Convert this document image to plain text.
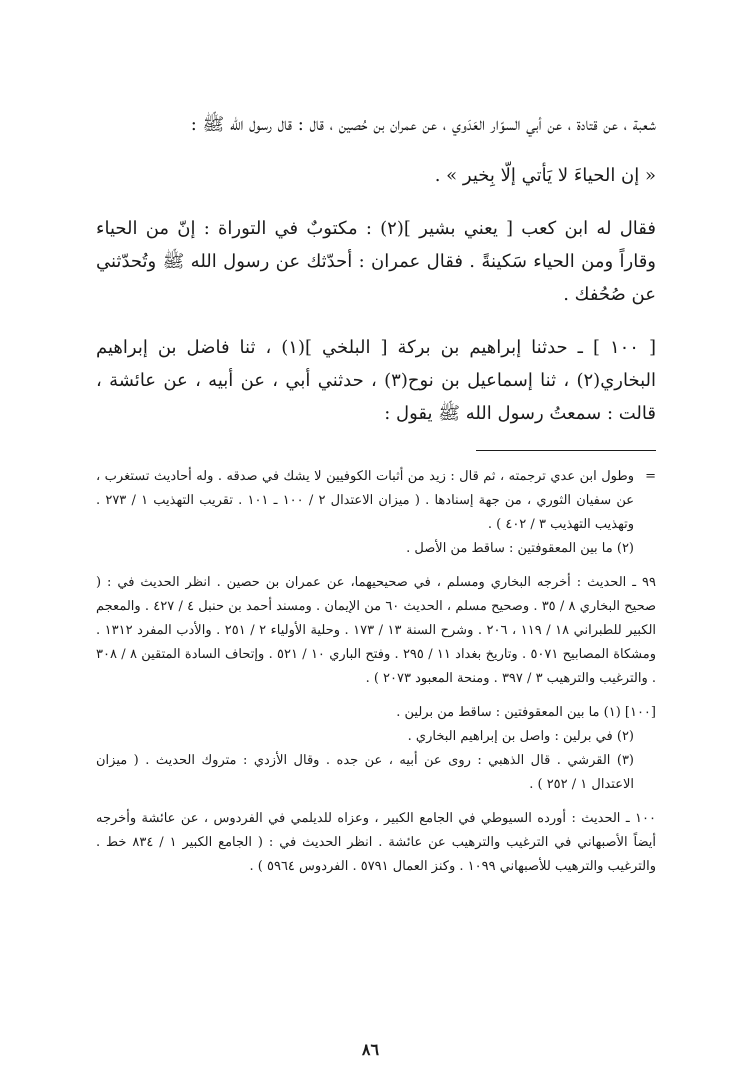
شعبة ، عن قتادة ، عن أبي السوّار العَدَوي ، عن عمران بن حُصين ، قال : قال رسول الله ﷺ :

« إن الحياءَ لا يَأتي إلّا بِخير » .

فقال له ابن كعب [ يعني بشير ](٢) : مكتوبٌ في التوراة : إنّ من الحياء وقاراً ومن الحياء سَكينةً . فقال عمران : أحدّثك عن رسول الله ﷺ وتُحدّثني عن صُحُفك .

[ ١٠٠ ] ـ حدثنا إبراهيم بن بركة [ البلخي ](١) ، ثنا فاضل بن إبراهيم البخاري(٢) ، ثنا إسماعيل بن نوح(٣) ، حدثني أبي ، عن أبيه ، عن عائشة ، قالت : سمعتُ رسول الله ﷺ يقول :

=
وطول ابن عدي ترجمته ، ثم قال : زيد من أثبات الكوفيين لا يشك في صدقه . وله أحاديث تستغرب ، عن سفيان الثوري ، من جهة إسنادها . ( ميزان الاعتدال ٢ / ١٠٠ ـ ١٠١ . تقريب التهذيب ١ / ٢٧٣ . وتهذيب التهذيب ٣ / ٤٠٢ ) .

(٢) ما بين المعقوفتين : ساقط من الأصل .

٩٩ ـ الحديث : أخرجه البخاري ومسلم ، في صحيحيهما، عن عمران بن حصين . انظر الحديث في : ( صحيح البخاري ٨ / ٣٥ . وصحيح مسلم ، الحديث ٦٠ من الإيمان . ومسند أحمد بن حنبل ٤ / ٤٢٧ . والمعجم الكبير للطبراني ١٨ / ١١٩ ، ٢٠٦ . وشرح السنة ١٣ / ١٧٣ . وحلية الأولياء ٢ / ٢٥١ . والأدب المفرد ١٣١٢ . ومشكاة المصابيح ٥٠٧١ . وتاريخ بغداد ١١ / ٢٩٥ . وفتح الباري ١٠ / ٥٢١ . وإتحاف السادة المتقين ٨ / ٣٠٨ . والترغيب والترهيب ٣ / ٣٩٧ . ومنحة المعبود ٢٠٧٣ ) .

[١٠٠] (١) ما بين المعقوفتين : ساقط من برلين .

(٢) في برلين : واصل بن إبراهيم البخاري .

(٣) القرشي . قال الذهبي : روى عن أبيه ، عن جده . وقال الأزدي : متروك الحديث . ( ميزان الاعتدال ١ / ٢٥٢ ) .

١٠٠ ـ الحديث : أورده السيوطي في الجامع الكبير ، وعزاه للديلمي في الفردوس ، عن عائشة وأخرجه أيضاً الأصبهاني في الترغيب والترهيب عن عائشة . انظر الحديث في : ( الجامع الكبير ١ / ٨٣٤ خط . والترغيب والترهيب للأصبهاني ١٠٩٩ . وكنز العمال ٥٧٩١ . الفردوس ٥٩٦٤ ) .

٨٦
